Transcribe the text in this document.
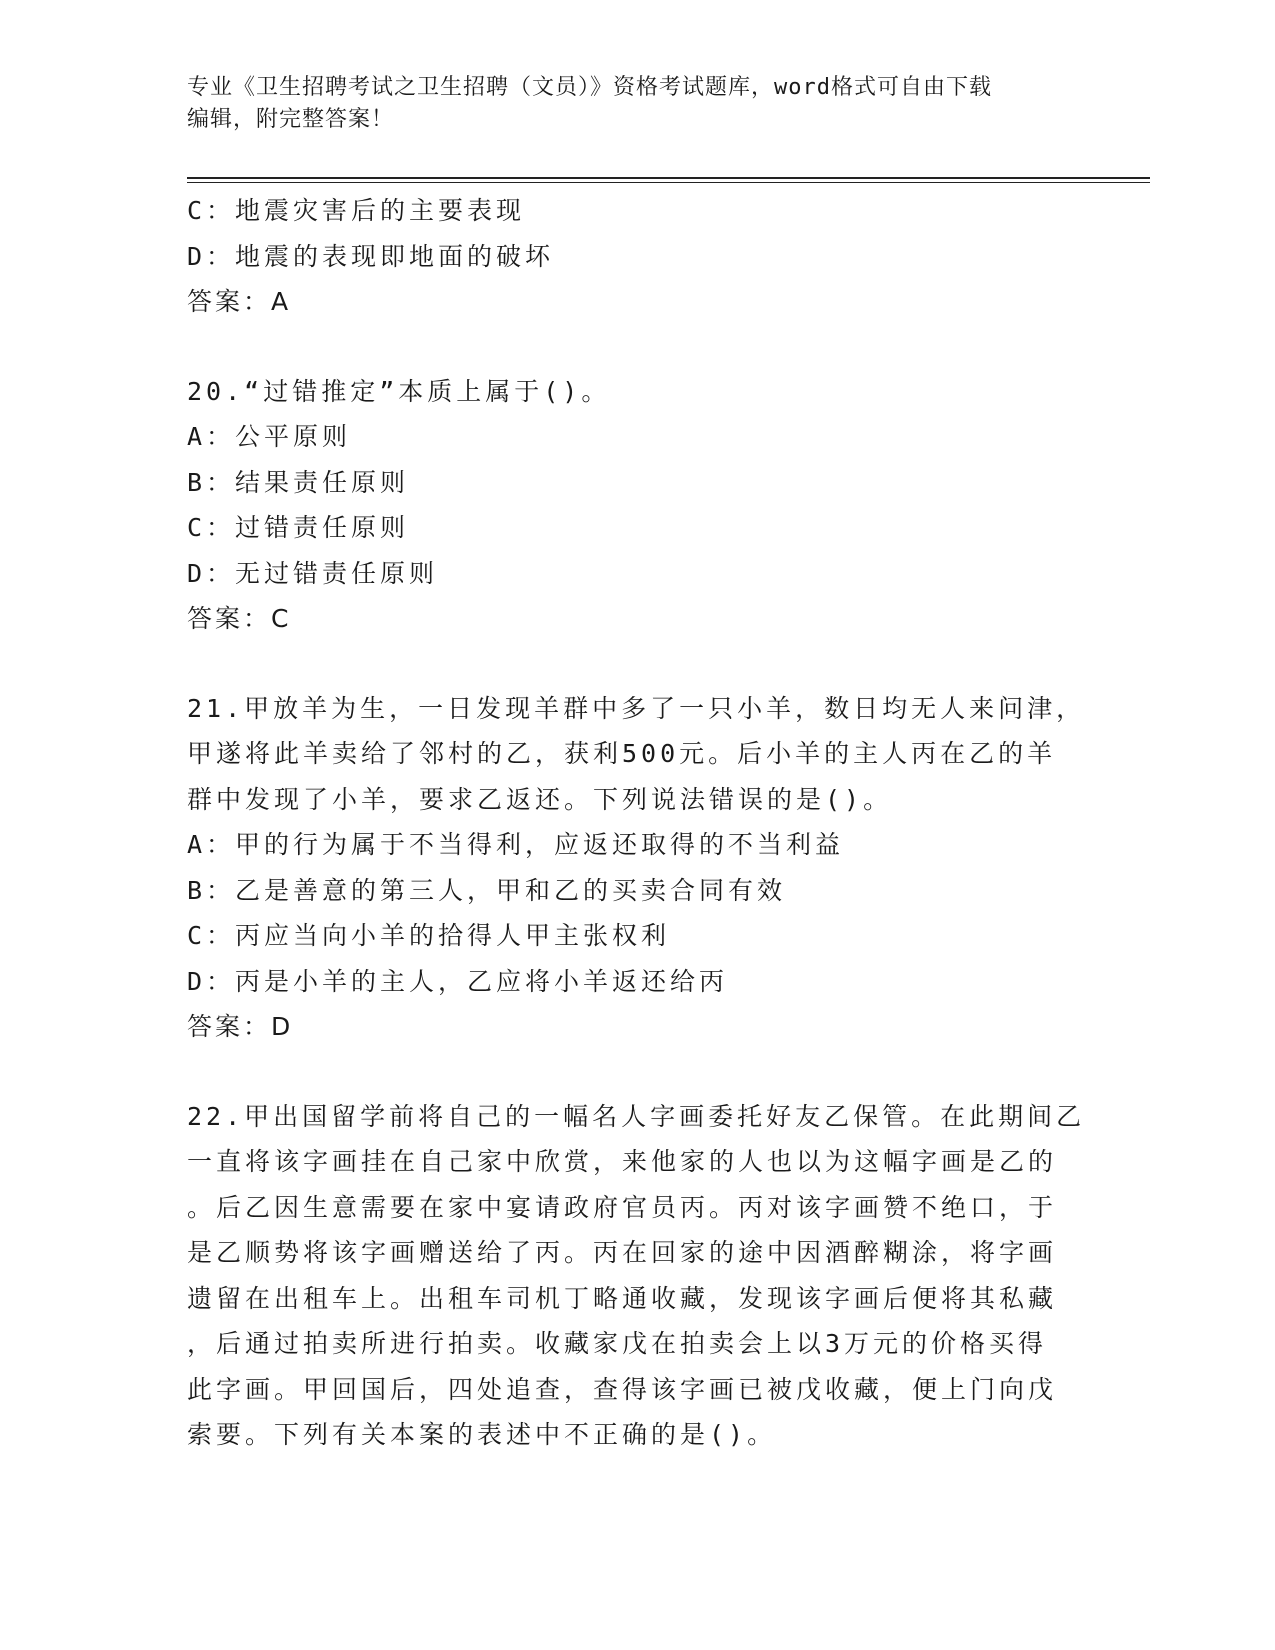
专业《卫生招聘考试之卫生招聘（文员）》资格考试题库，word格式可自由下载
编辑，附完整答案！
C：地震灾害后的主要表现
D：地震的表现即地面的破坏
答案：A
20.“过错推定”本质上属于()。
A：公平原则
B：结果责任原则
C：过错责任原则
D：无过错责任原则
答案：C
21.甲放羊为生，一日发现羊群中多了一只小羊，数日均无人来问津，
甲遂将此羊卖给了邻村的乙，获利500元。后小羊的主人丙在乙的羊
群中发现了小羊，要求乙返还。下列说法错误的是()。
A：甲的行为属于不当得利，应返还取得的不当利益
B：乙是善意的第三人，甲和乙的买卖合同有效
C：丙应当向小羊的拾得人甲主张权利
D：丙是小羊的主人，乙应将小羊返还给丙
答案：D
22.甲出国留学前将自己的一幅名人字画委托好友乙保管。在此期间乙
一直将该字画挂在自己家中欣赏，来他家的人也以为这幅字画是乙的
。后乙因生意需要在家中宴请政府官员丙。丙对该字画赞不绝口，于
是乙顺势将该字画赠送给了丙。丙在回家的途中因酒醉糊涂，将字画
遗留在出租车上。出租车司机丁略通收藏，发现该字画后便将其私藏
，后通过拍卖所进行拍卖。收藏家戊在拍卖会上以3万元的价格买得
此字画。甲回国后，四处追查，查得该字画已被戊收藏，便上门向戊
索要。下列有关本案的表述中不正确的是()。
